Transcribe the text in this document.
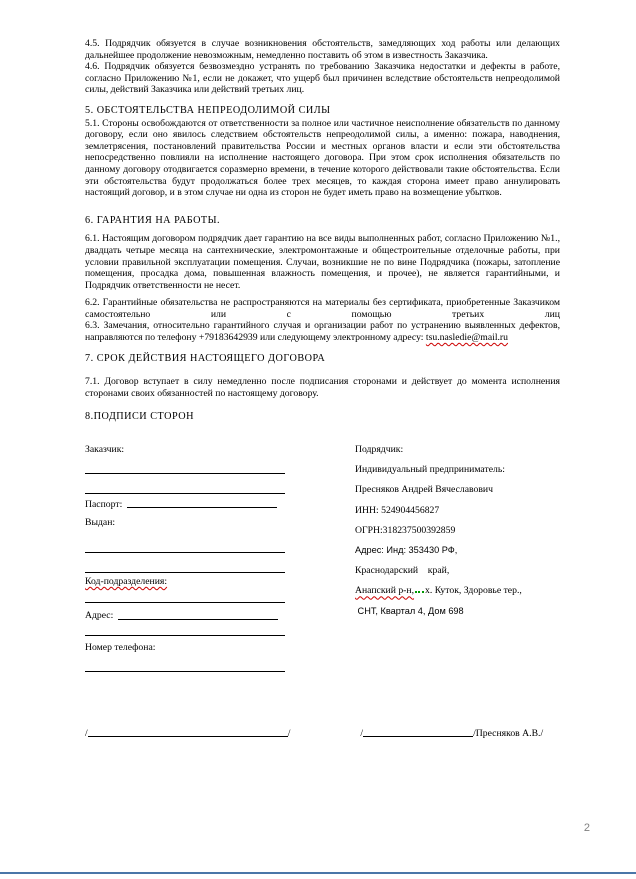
4.5. Подрядчик обязуется в случае возникновения обстоятельств, замедляющих ход работы или делающих дальнейшее продолжение невозможным, немедленно поставить об этом в известность Заказчика.

4.6. Подрядчик обязуется безвозмездно устранять по требованию Заказчика недостатки и дефекты в работе, согласно Приложению №1, если не докажет, что ущерб был причинен вследствие обстоятельств непреодолимой силы, действий Заказчика или действий третьих лиц.

5. ОБСТОЯТЕЛЬСТВА НЕПРЕОДОЛИМОЙ СИЛЫ

5.1. Стороны освобождаются от ответственности за полное или частичное неисполнение обязательств по данному договору, если оно явилось следствием обстоятельств непреодолимой силы, а именно: пожара, наводнения, землетрясения, постановлений правительства России и местных органов власти и если эти обстоятельства непосредственно повлияли на исполнение настоящего договора. При этом срок исполнения обязательств по данному договору отодвигается соразмерно времени, в течение которого действовали такие обстоятельства. Если эти обстоятельства будут продолжаться более трех месяцев, то каждая сторона имеет право аннулировать настоящий договор, и в этом случае ни одна из сторон не будет иметь право на возмещение убытков.

6. ГАРАНТИЯ НА РАБОТЫ.

6.1. Настоящим договором подрядчик дает гарантию на все виды выполненных работ, согласно Приложению №1., двадцать четыре месяца на сантехнические, электромонтажные и общестроительные отделочные работы, при условии правильной эксплуатации помещения. Случаи, возникшие не по вине Подрядчика (пожары, затопление помещения, просадка дома, повышенная влажность помещения, и прочее), не является гарантийными, и Подрядчик ответственности не несет.

6.2. Гарантийные обязательства не распространяются на материалы без сертификата, приобретенные Заказчиком самостоятельно или с помощью третьих лиц

6.3. Замечания, относительно гарантийного случая и организации работ по устранению выявленных дефектов, направляются по телефону +79183642939 или следующему электронному адресу: tsu.nasledie@mail.ru

7. СРОК ДЕЙСТВИЯ НАСТОЯЩЕГО ДОГОВОРА

7.1. Договор вступает в силу немедленно после подписания сторонами и действует до момента исполнения сторонами своих обязанностей по настоящему договору.

8.ПОДПИСИ СТОРОН

Заказчик:
Паспорт:
Выдан:
Код-подразделения:
Адрес:
Номер телефона:
Подрядчик:
Индивидуальный предприниматель:
Пресняков Андрей Вячеславович
ИНН: 524904456827
ОГРН:318237500392859
Адрес: Инд: 353430 РФ,
Краснодарский    край,
Анапский р-н, х. Куток, Здоровье тер.,
СНТ, Квартал 4, Дом 698
/	/	/	/Пресняков А.В./
2
